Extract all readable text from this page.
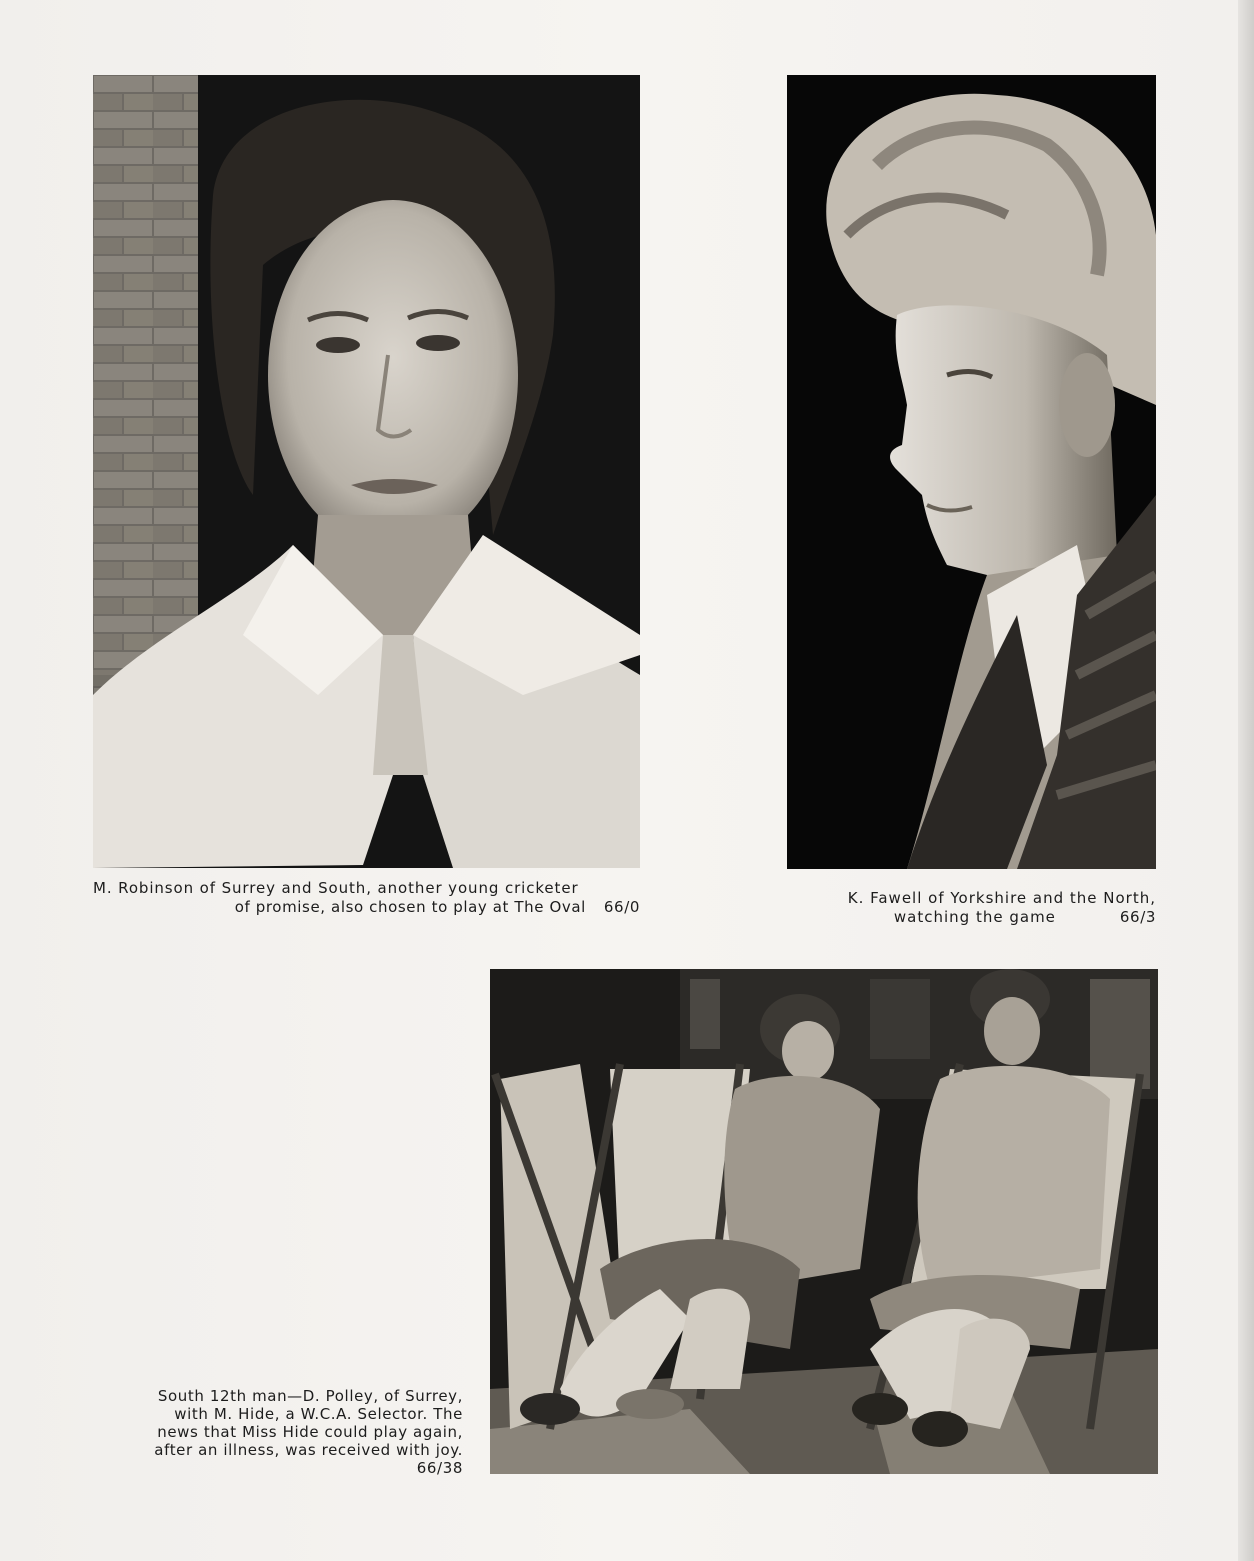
M. Robinson of Surrey and South, another young cricketer
of promise, also chosen to play at The Oval 66/0	K. Fawell of Yorkshire and the North,
watching the game	66/3
South 12th man—D. Polley, of Surrey,
with M. Hide, a W.C.A. Selector. The
news that Miss Hide could play again,
after an illness, was received with joy.
66/38
